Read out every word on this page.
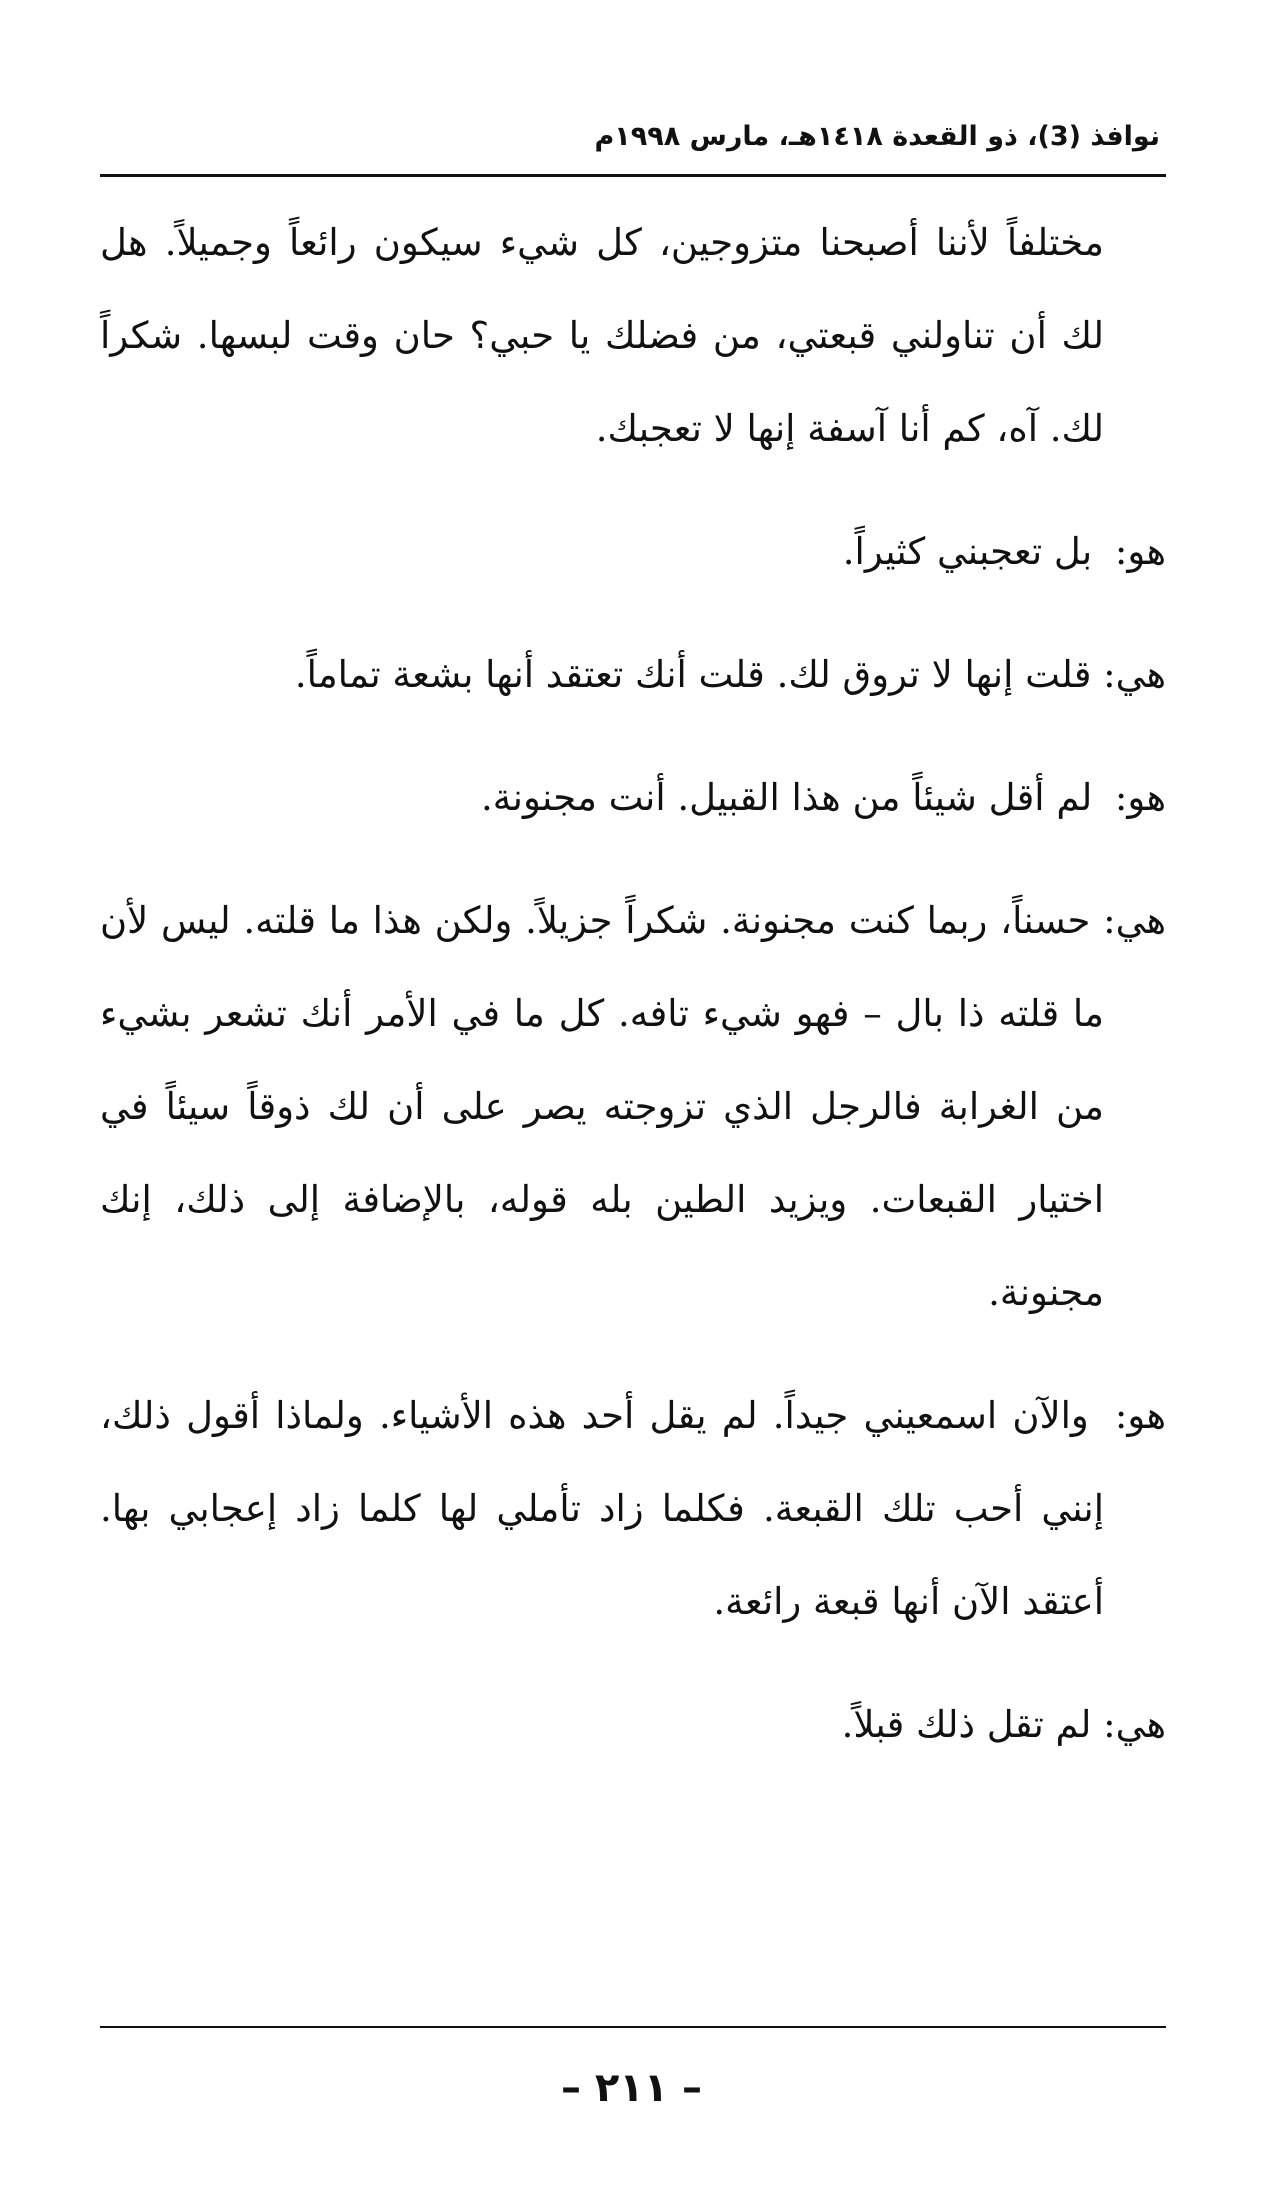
نوافذ (3)، ذو القعدة ١٤١٨هـ، مارس ١٩٩٨م

مختلفاً لأننا أصبحنا متزوجين، كل شيء سيكون رائعاً وجميلاً. هل لك أن تناولني قبعتي، من فضلك يا حبي؟ حان وقت لبسها. شكراً لك. آه، كم أنا آسفة إنها لا تعجبك.

هو: بل تعجبني كثيراً.

هي: قلت إنها لا تروق لك. قلت أنك تعتقد أنها بشعة تماماً.

هو: لم أقل شيئاً من هذا القبيل. أنت مجنونة.

هي: حسناً، ربما كنت مجنونة. شكراً جزيلاً. ولكن هذا ما قلته. ليس لأن ما قلته ذا بال – فهو شيء تافه. كل ما في الأمر أنك تشعر بشيء من الغرابة فالرجل الذي تزوجته يصر على أن لك ذوقاً سيئاً في اختيار القبعات. ويزيد الطين بله قوله، بالإضافة إلى ذلك، إنك مجنونة.

هو: والآن اسمعيني جيداً. لم يقل أحد هذه الأشياء. ولماذا أقول ذلك، إنني أحب تلك القبعة. فكلما زاد تأملي لها كلما زاد إعجابي بها. أعتقد الآن أنها قبعة رائعة.

هي: لم تقل ذلك قبلاً.

– ٢١١ –
